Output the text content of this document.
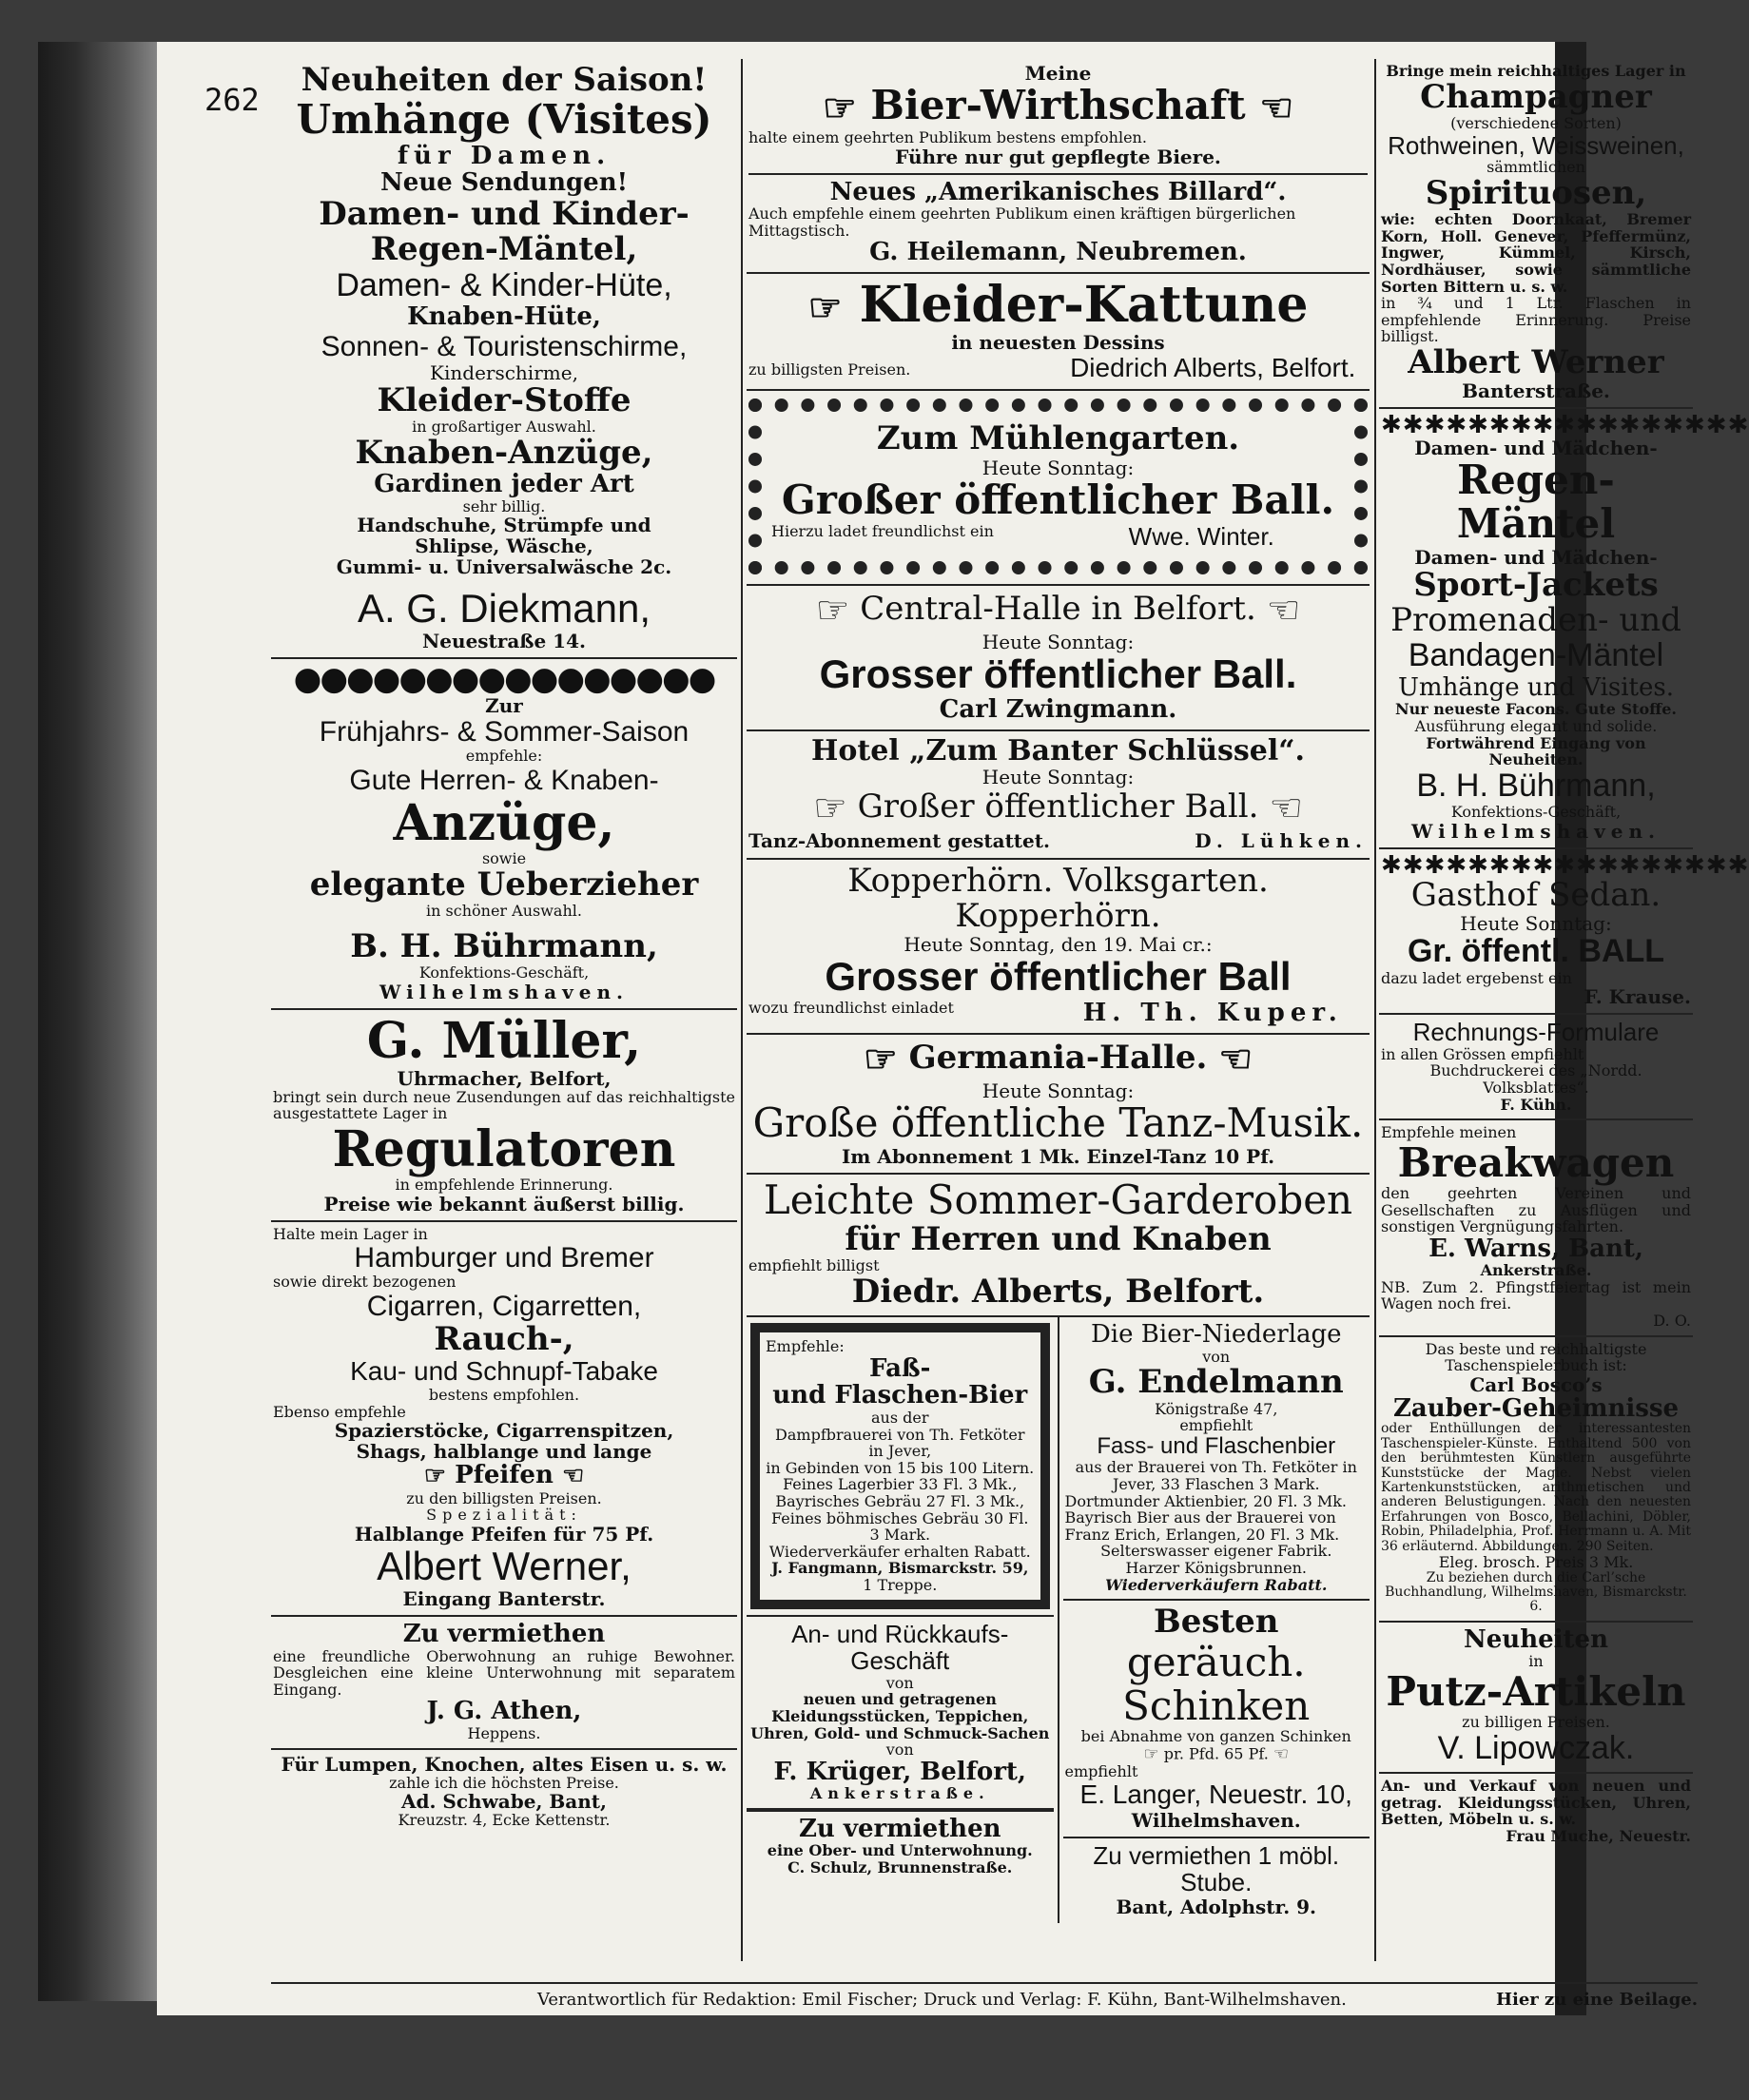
262
Neuheiten der Saison!
Umhänge (Visites)
für Damen.
Neue Sendungen!
Damen- und Kinder-
Regen-Mäntel,
Damen- & Kinder-Hüte,
Knaben-Hüte,
Sonnen- & Touristenschirme,
Kinderschirme,
Kleider-Stoffe
in großartiger Auswahl.
Knaben-Anzüge,
Gardinen jeder Art
sehr billig.
Handschuhe, Strümpfe und
Shlipse, Wäsche,
Gummi- u. Universalwäsche 2c.
A. G. Diekmann,
Neuestraße 14.
●●●●●●●●●●●●●●●●
Zur
Frühjahrs- & Sommer-Saison
empfehle:
Gute Herren- & Knaben-
Anzüge,
sowie
elegante Ueberzieher
in schöner Auswahl.
B. H. Bührmann,
Konfektions-Geschäft,
Wilhelmshaven.
G. Müller,
Uhrmacher, Belfort,
bringt sein durch neue Zusendungen auf das reichhaltigste ausgestattete Lager in
Regulatoren
in empfehlende Erinnerung.
Preise wie bekannt äußerst billig.
Halte mein Lager in
Hamburger und Bremer
sowie direkt bezogenen
Cigarren, Cigarretten,
Rauch-,
Kau- und Schnupf-Tabake
bestens empfohlen.
Ebenso empfehle
Spazierstöcke, Cigarrenspitzen,
Shags, halblange und lange
☞ Pfeifen ☜
zu den billigsten Preisen.
Spezialität:
Halblange Pfeifen für 75 Pf.
Albert Werner,
Eingang Banterstr.
Zu vermiethen
eine freundliche Oberwohnung an ruhige Bewohner. Desgleichen eine kleine Unterwohnung mit separatem Eingang.
J. G. Athen,
Heppens.
Für Lumpen, Knochen, altes Eisen u. s. w.
zahle ich die höchsten Preise.
Ad. Schwabe, Bant,
Kreuzstr. 4, Ecke Kettenstr.
Meine
☞ Bier-Wirthschaft ☜
halte einem geehrten Publikum bestens empfohlen.
Führe nur gut gepflegte Biere.
Neues „Amerikanisches Billard“.
Auch empfehle einem geehrten Publikum einen kräftigen bürgerlichen Mittagstisch.
G. Heilemann, Neubremen.
☞ Kleider-Kattune
in neuesten Dessins
zu billigsten Preisen.	Diedrich Alberts, Belfort.
Zum Mühlengarten.
Heute Sonntag:
Großer öffentlicher Ball.
Hierzu ladet freundlichst ein	Wwe. Winter.
☞ Central-Halle in Belfort. ☜
Heute Sonntag:
Grosser öffentlicher Ball.
Carl Zwingmann.
Hotel „Zum Banter Schlüssel“.
Heute Sonntag:
☞ Großer öffentlicher Ball. ☜
Tanz-Abonnement gestattet.	D. Lühken.
Kopperhörn. Volksgarten. Kopperhörn.
Heute Sonntag, den 19. Mai cr.:
Grosser öffentlicher Ball
wozu freundlichst einladet	H. Th. Kuper.
☞ Germania-Halle. ☜
Heute Sonntag:
Große öffentliche Tanz-Musik.
Im Abonnement 1 Mk. Einzel-Tanz 10 Pf.
Leichte Sommer-Garderoben
für Herren und Knaben
empfiehlt billigst
Diedr. Alberts, Belfort.
Empfehle:
Faß-
und Flaschen-Bier
aus der
Dampfbrauerei von Th. Fetköter
in Jever,
in Gebinden von 15 bis 100 Litern.
Feines Lagerbier 33 Fl. 3 Mk.,
Bayrisches Gebräu 27 Fl. 3 Mk.,
Feines böhmisches Gebräu 30 Fl. 3 Mark.
Wiederverkäufer erhalten Rabatt.
J. Fangmann, Bismarckstr. 59,
1 Treppe.
An- und Rückkaufs-Geschäft
von
neuen und getragenen Kleidungsstücken, Teppichen, Uhren, Gold- und Schmuck-Sachen
von
F. Krüger, Belfort,
Ankerstraße.
Zu vermiethen
eine Ober- und Unterwohnung.
C. Schulz, Brunnenstraße.
Die Bier-Niederlage
von
G. Endelmann
Königstraße 47,
empfiehlt
Fass- und Flaschenbier
aus der Brauerei von Th. Fetköter in Jever, 33 Flaschen 3 Mark.
Dortmunder Aktienbier, 20 Fl. 3 Mk.
Bayrisch Bier aus der Brauerei von Franz Erich, Erlangen, 20 Fl. 3 Mk.
Selterswasser eigener Fabrik.
Harzer Königsbrunnen.
Wiederverkäufern Rabatt.
Besten
geräuch. Schinken
bei Abnahme von ganzen Schinken
☞ pr. Pfd. 65 Pf. ☜
empfiehlt
E. Langer, Neuestr. 10,
Wilhelmshaven.
Zu vermiethen 1 möbl. Stube.
Bant, Adolphstr. 9.
Bringe mein reichhaltiges Lager in
Champagner
(verschiedene Sorten)
Rothweinen, Weissweinen,
sämmtlichen
Spirituosen,
wie: echten Doornkaat, Bremer Korn, Holl. Genever, Pfeffermünz, Ingwer, Kümmel, Kirsch, Nordhäuser, sowie sämmtliche Sorten Bittern u. s. w.
in ¾ und 1 Ltr. Flaschen in empfehlende Erinnerung. Preise billigst.
Albert Werner
Banterstraße.
✱✱✱✱✱✱✱✱✱✱✱✱✱✱✱✱✱
Damen- und Mädchen-
Regen-Mäntel
Damen- und Mädchen-
Sport-Jackets
Promenaden- und
Bandagen-Mäntel
Umhänge und Visites.
Nur neueste Facons. Gute Stoffe.
Ausführung elegant und solide.
Fortwährend Eingang von Neuheiten.
B. H. Bührmann,
Konfektions-Geschäft,
Wilhelmshaven.
✱✱✱✱✱✱✱✱✱✱✱✱✱✱✱✱✱
Gasthof Sedan.
Heute Sonntag:
Gr. öffentl. BALL
dazu ladet ergebenst ein
F. Krause.
Rechnungs-Formulare
in allen Grössen empfiehlt
Buchdruckerei des „Nordd. Volksblattes“.
F. Kühn.
Empfehle meinen
Breakwagen
den geehrten Vereinen und Gesellschaften zu Ausflügen und sonstigen Vergnügungsfahrten.
E. Warns, Bant,
Ankerstraße.
NB. Zum 2. Pfingstfeiertag ist mein Wagen noch frei.
D. O.
Das beste und reichhaltigste Taschenspielerbuch ist:
Carl Bosco’s
Zauber-Geheimnisse
oder Enthüllungen der interessantesten Taschenspieler-Künste. Enthaltend 500 von den berühmtesten Künstlern ausgeführte Kunststücke der Magie. Nebst vielen Kartenkunststücken, arithmetischen und anderen Belustigungen. Nach den neuesten Erfahrungen von Bosco, Bellachini, Döbler, Robin, Philadelphia, Prof. Herrmann u. A. Mit 36 erläuternd. Abbildungen. 290 Seiten.
Eleg. brosch. Preis 3 Mk.
Zu beziehen durch die Carl’sche Buchhandlung, Wilhelmshaven, Bismarckstr. 6.
Neuheiten
in
Putz-Artikeln
zu billigen Preisen.
V. Lipowczak.
An- und Verkauf von neuen und getrag. Kleidungsstücken, Uhren, Betten, Möbeln u. s. w.
Frau Muche, Neuestr.
Verantwortlich für Redaktion: Emil Fischer; Druck und Verlag: F. Kühn, Bant-Wilhelmshaven.	Hier zu eine Beilage.
